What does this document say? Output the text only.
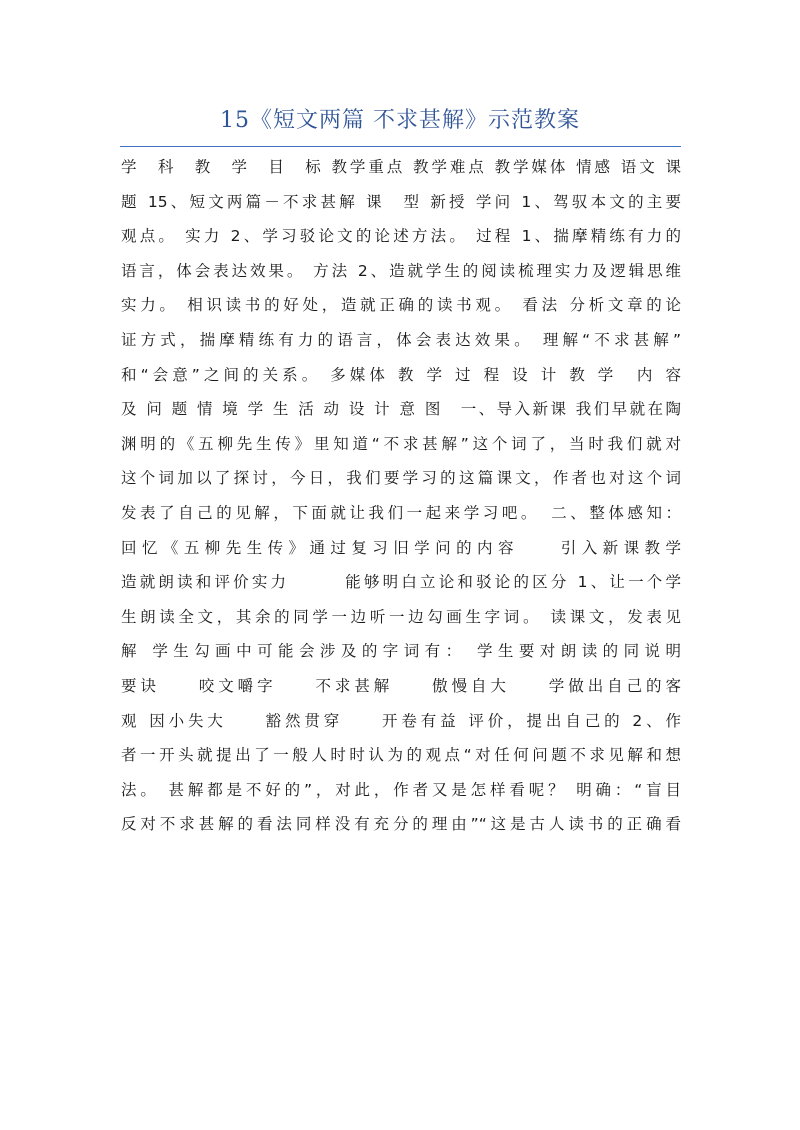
15《短文两篇 不求甚解》示范教案
学　科　教　学　目　标 教学重点 教学难点 教学媒体 情感 语文 课
题 15、短文两篇－不求甚解 课　型 新授 学问 1、驾驭本文的主要
观点。 实力 2、学习驳论文的论述方法。 过程 1、揣摩精练有力的
语言，体会表达效果。 方法 2、造就学生的阅读梳理实力及逻辑思维
实力。 相识读书的好处，造就正确的读书观。 看法 分析文章的论
证方式，揣摩精练有力的语言，体会表达效果。 理解“不求甚解”
和“会意”之间的关系。 多媒体 教 学 过 程 设 计 教 学　内 容
及 问 题 情 境 学 生 活 动 设 计 意 图　一、导入新课 我们早就在陶
渊明的《五柳先生传》里知道“不求甚解”这个词了，当时我们就对
这个词加以了探讨，今日，我们要学习的这篇课文，作者也对这个词
发表了自己的见解，下面就让我们一起来学习吧。　二、整体感知：
回忆《五柳先生传》通过复习旧学问的内容　　引入新课教学
造就朗读和评价实力　　　能够明白立论和驳论的区分 1、让一个学
生朗读全文，其余的同学一边听一边勾画生字词。 读课文，发表见
解 学生勾画中可能会涉及的字词有： 学生要对朗读的同说明
要诀　　咬文嚼字　　不求甚解　　傲慢自大　　学做出自己的客
观 因小失大　　豁然贯穿　　开卷有益 评价，提出自己的 2、作
者一开头就提出了一般人时时认为的观点“对任何问题不求见解和想
法。 甚解都是不好的”，对此，作者又是怎样看呢？ 明确：“盲目
反对不求甚解的看法同样没有充分的理由”“这是古人读书的正确看
